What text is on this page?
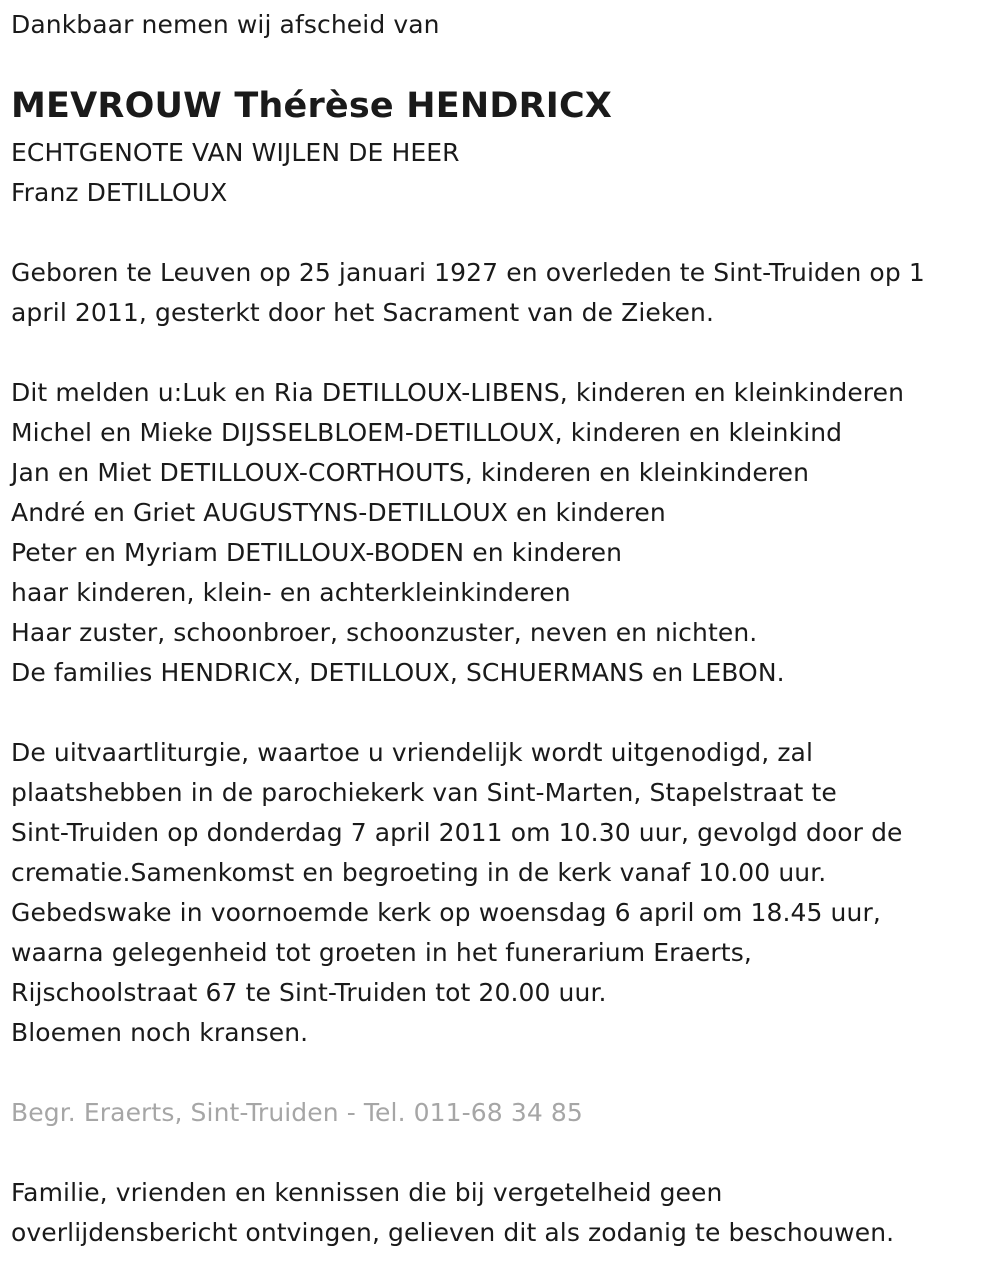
Dankbaar nemen wij afscheid van
MEVROUW Thérèse HENDRICX
ECHTGENOTE VAN WIJLEN DE HEER
Franz DETILLOUX
Geboren te Leuven op 25 januari 1927 en overleden te Sint-Truiden op 1
april 2011, gesterkt door het Sacrament van de Zieken.
Dit melden u:Luk en Ria DETILLOUX-LIBENS, kinderen en kleinkinderen
Michel en Mieke DIJSSELBLOEM-DETILLOUX, kinderen en kleinkind
Jan en Miet DETILLOUX-CORTHOUTS, kinderen en kleinkinderen
André en Griet AUGUSTYNS-DETILLOUX en kinderen
Peter en Myriam DETILLOUX-BODEN en kinderen
haar kinderen, klein- en achterkleinkinderen
Haar zuster, schoonbroer, schoonzuster, neven en nichten.
De families HENDRICX, DETILLOUX, SCHUERMANS en LEBON.
De uitvaartliturgie, waartoe u vriendelijk wordt uitgenodigd, zal
plaatshebben in de parochiekerk van Sint-Marten, Stapelstraat te
Sint-Truiden op donderdag 7 april 2011 om 10.30 uur, gevolgd door de
crematie.Samenkomst en begroeting in de kerk vanaf 10.00 uur.
Gebedswake in voornoemde kerk op woensdag 6 april om 18.45 uur,
waarna gelegenheid tot groeten in het funerarium Eraerts,
Rijschoolstraat 67 te Sint-Truiden tot 20.00 uur.
Bloemen noch kransen.
Begr. Eraerts, Sint-Truiden - Tel. 011-68 34 85
Familie, vrienden en kennissen die bij vergetelheid geen
overlijdensbericht ontvingen, gelieven dit als zodanig te beschouwen.
